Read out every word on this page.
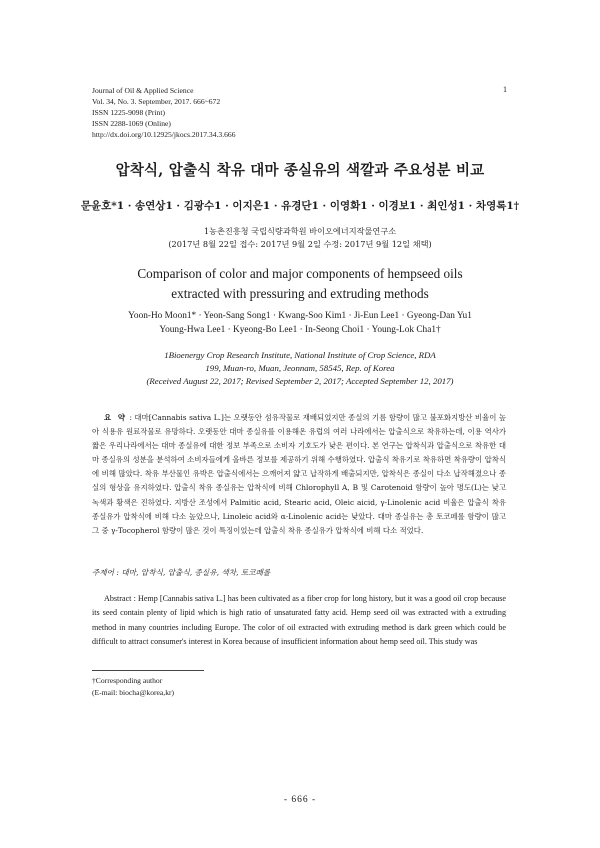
Journal of Oil & Applied Science
Vol. 34, No. 3. September, 2017. 666~672
ISSN 1225-9098 (Print)
ISSN 2288-1069 (Online)
http://dx.doi.org/10.12925/jkocs.2017.34.3.666
1
압착식, 압출식 착유 대마 종실유의 색깔과 주요성분 비교
문윤호*1 · 송연상1 · 김광수1 · 이지은1 · 유경단1 · 이영화1 · 이경보1 · 최인성1 · 차영록1†
1농촌진흥청 국립식량과학원 바이오에너지작물연구소
(2017년 8월 22일 접수: 2017년 9월 2일 수정: 2017년 9월 12일 채택)
Comparison of color and major components of hempseed oils
extracted with pressuring and extruding methods
Yoon-Ho Moon1* · Yeon-Sang Song1 · Kwang-Soo Kim1 · Ji-Eun Lee1 · Gyeong-Dan Yu1
Young-Hwa Lee1 · Kyeong-Bo Lee1 · In-Seong Choi1 · Young-Lok Cha1†
1Bioenergy Crop Research Institute, National Institute of Crop Science, RDA
199, Muan-ro, Muan, Jeonnam, 58545, Rep. of Korea
(Received August 22, 2017; Revised September 2, 2017; Accepted September 12, 2017)
요 약 : 대마[Cannabis sativa L.]는 오랫동안 섬유작물로 재배되었지만 종실의 기름 함량이 많고 불포화지방산 비율이 높아 식용유 원료작물로 유망하다. 오랫동안 대마 종실유를 이용해온 유럽의 여러 나라에서는 압출식으로 착유하는데, 이용 역사가 짧은 우리나라에서는 대마 종실유에 대한 정보 부족으로 소비자 기호도가 낮은 편이다. 본 연구는 압착식과 압출식으로 착유한 대마 종실유의 성분을 분석하여 소비자들에게 올바른 정보를 제공하기 위해 수행하였다. 압출식 착유기로 착유하면 착유량이 압착식에 비해 많았다. 착유 부산물인 유박은 압출식에서는 으깨어져 얇고 납작하게 배출되지만, 압착식은 종실이 다소 납작해졌으나 종실의 형상을 유지하였다. 압출식 착유 종실유는 압착식에 비해 Chlorophyll A, B 및 Carotenoid 함량이 높아 명도(L)는 낮고 녹색과 황색은 진하였다. 지방산 조성에서 Palmitic acid, Stearic acid, Oleic aicid, γ-Linolenic acid 비율은 압출식 착유 종실유가 압착식에 비해 다소 높았으나, Linoleic acid와 α-Linolenic acid는 낮았다. 대마 종실유는 총 토코페롤 함량이 많고 그 중 γ-Tocopherol 함량이 많은 것이 특징이었는데 압출식 착유 종실유가 압착식에 비해 다소 적었다.
주제어 : 대마, 압착식, 압출식, 종실유, 색차, 토코페롤
Abstract : Hemp [Cannabis sativa L.] has been cultivated as a fiber crop for long history, but it was a good oil crop because its seed contain plenty of lipid which is high ratio of unsaturated fatty acid. Hemp seed oil was extracted with a extruding method in many countries including Europe. The color of oil extracted with extruding method is dark green which could be difficult to attract consumer's interest in Korea because of insufficient information about hemp seed oil. This study was
†Corresponding author
(E-mail: biocha@korea,kr)
- 666 -
